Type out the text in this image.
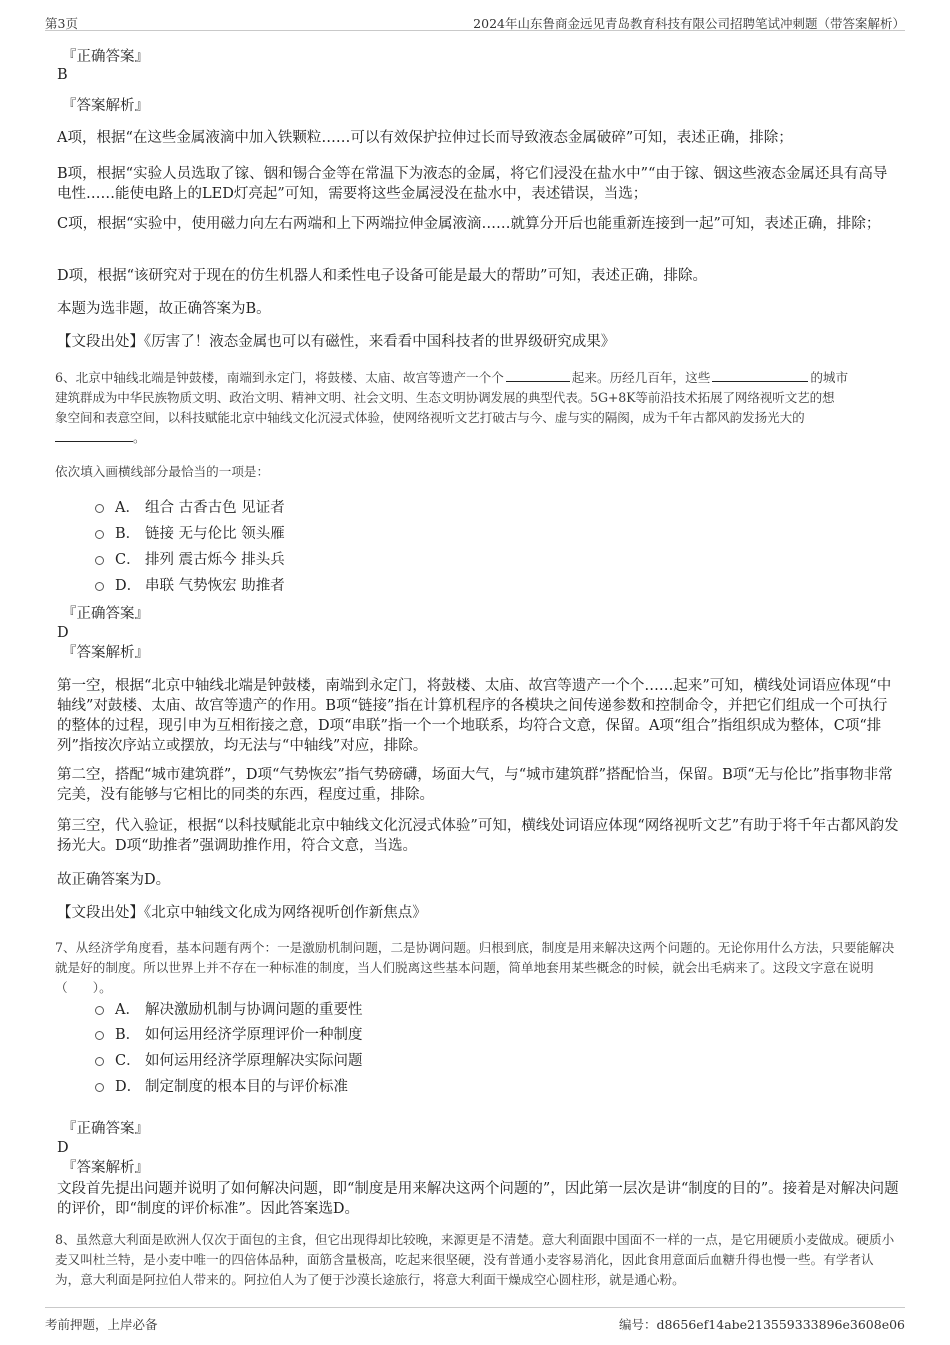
第3页	2024年山东鲁商金远见青岛教育科技有限公司招聘笔试冲刺题（带答案解析）
『正确答案』
B
『答案解析』
A项，根据“在这些金属液滴中加入铁颗粒……可以有效保护拉伸过长而导致液态金属破碎”可知，表述正确，排除；
B项，根据“实验人员选取了镓、铟和锡合金等在常温下为液态的金属，将它们浸没在盐水中”“由于镓、铟这些液态金属还具有高导电性……能使电路上的LED灯亮起”可知，需要将这些金属浸没在盐水中，表述错误，当选；
C项，根据“实验中，使用磁力向左右两端和上下两端拉伸金属液滴……就算分开后也能重新连接到一起”可知，表述正确，排除；
D项，根据“该研究对于现在的仿生机器人和柔性电子设备可能是最大的帮助”可知，表述正确，排除。
本题为选非题，故正确答案为B。
【文段出处】《厉害了！液态金属也可以有磁性，来看看中国科技者的世界级研究成果》
6、北京中轴线北端是钟鼓楼，南端到永定门，将鼓楼、太庙、故宫等遗产一个个	起来。历经几百年，这些	的城市
建筑群成为中华民族物质文明、政治文明、精神文明、社会文明、生态文明协调发展的典型代表。5G+8K等前沿技术拓展了网络视听文艺的想
象空间和表意空间，以科技赋能北京中轴线文化沉浸式体验，使网络视听文艺打破古与今、虚与实的隔阂，成为千年古都风韵发扬光大的
。
依次填入画横线部分最恰当的一项是：
A． 组合 古香古色 见证者
B． 链接 无与伦比 领头雁
C． 排列 震古烁今 排头兵
D． 串联 气势恢宏 助推者
『正确答案』
D
『答案解析』
第一空，根据“北京中轴线北端是钟鼓楼，南端到永定门，将鼓楼、太庙、故宫等遗产一个个……起来”可知，横线处词语应体现“中轴线”对鼓楼、太庙、故宫等遗产的作用。B项“链接”指在计算机程序的各模块之间传递参数和控制命令，并把它们组成一个可执行的整体的过程，现引申为互相衔接之意，D项“串联”指一个一个地联系，均符合文意，保留。A项“组合”指组织成为整体，C项“排列”指按次序站立或摆放，均无法与“中轴线”对应，排除。
第二空，搭配“城市建筑群”，D项“气势恢宏”指气势磅礴，场面大气，与“城市建筑群”搭配恰当，保留。B项“无与伦比”指事物非常完美，没有能够与它相比的同类的东西，程度过重，排除。
第三空，代入验证，根据“以科技赋能北京中轴线文化沉浸式体验”可知，横线处词语应体现“网络视听文艺”有助于将千年古都风韵发扬光大。D项“助推者”强调助推作用，符合文意，当选。
故正确答案为D。
【文段出处】《北京中轴线文化成为网络视听创作新焦点》
7、从经济学角度看，基本问题有两个：一是激励机制问题，二是协调问题。归根到底，制度是用来解决这两个问题的。无论你用什么方法，只要能解决就是好的制度。所以世界上并不存在一种标准的制度，当人们脱离这些基本问题，简单地套用某些概念的时候，就会出毛病来了。这段文字意在说明（　　）。
A． 解决激励机制与协调问题的重要性
B． 如何运用经济学原理评价一种制度
C． 如何运用经济学原理解决实际问题
D． 制定制度的根本目的与评价标准
『正确答案』
D
『答案解析』
文段首先提出问题并说明了如何解决问题，即“制度是用来解决这两个问题的”，因此第一层次是讲“制度的目的”。接着是对解决问题的评价，即“制度的评价标准”。因此答案选D。
8、虽然意大利面是欧洲人仅次于面包的主食，但它出现得却比较晚，来源更是不清楚。意大利面跟中国面不一样的一点，是它用硬质小麦做成。硬质小麦又叫杜兰特，是小麦中唯一的四倍体品种，面筋含量极高，吃起来很坚硬，没有普通小麦容易消化，因此食用意面后血糖升得也慢一些。有学者认为，意大利面是阿拉伯人带来的。阿拉伯人为了便于沙漠长途旅行，将意大利面干燥成空心圆柱形，就是通心粉。
考前押题，上岸必备	编号：d8656ef14abe213559333896e3608e06
